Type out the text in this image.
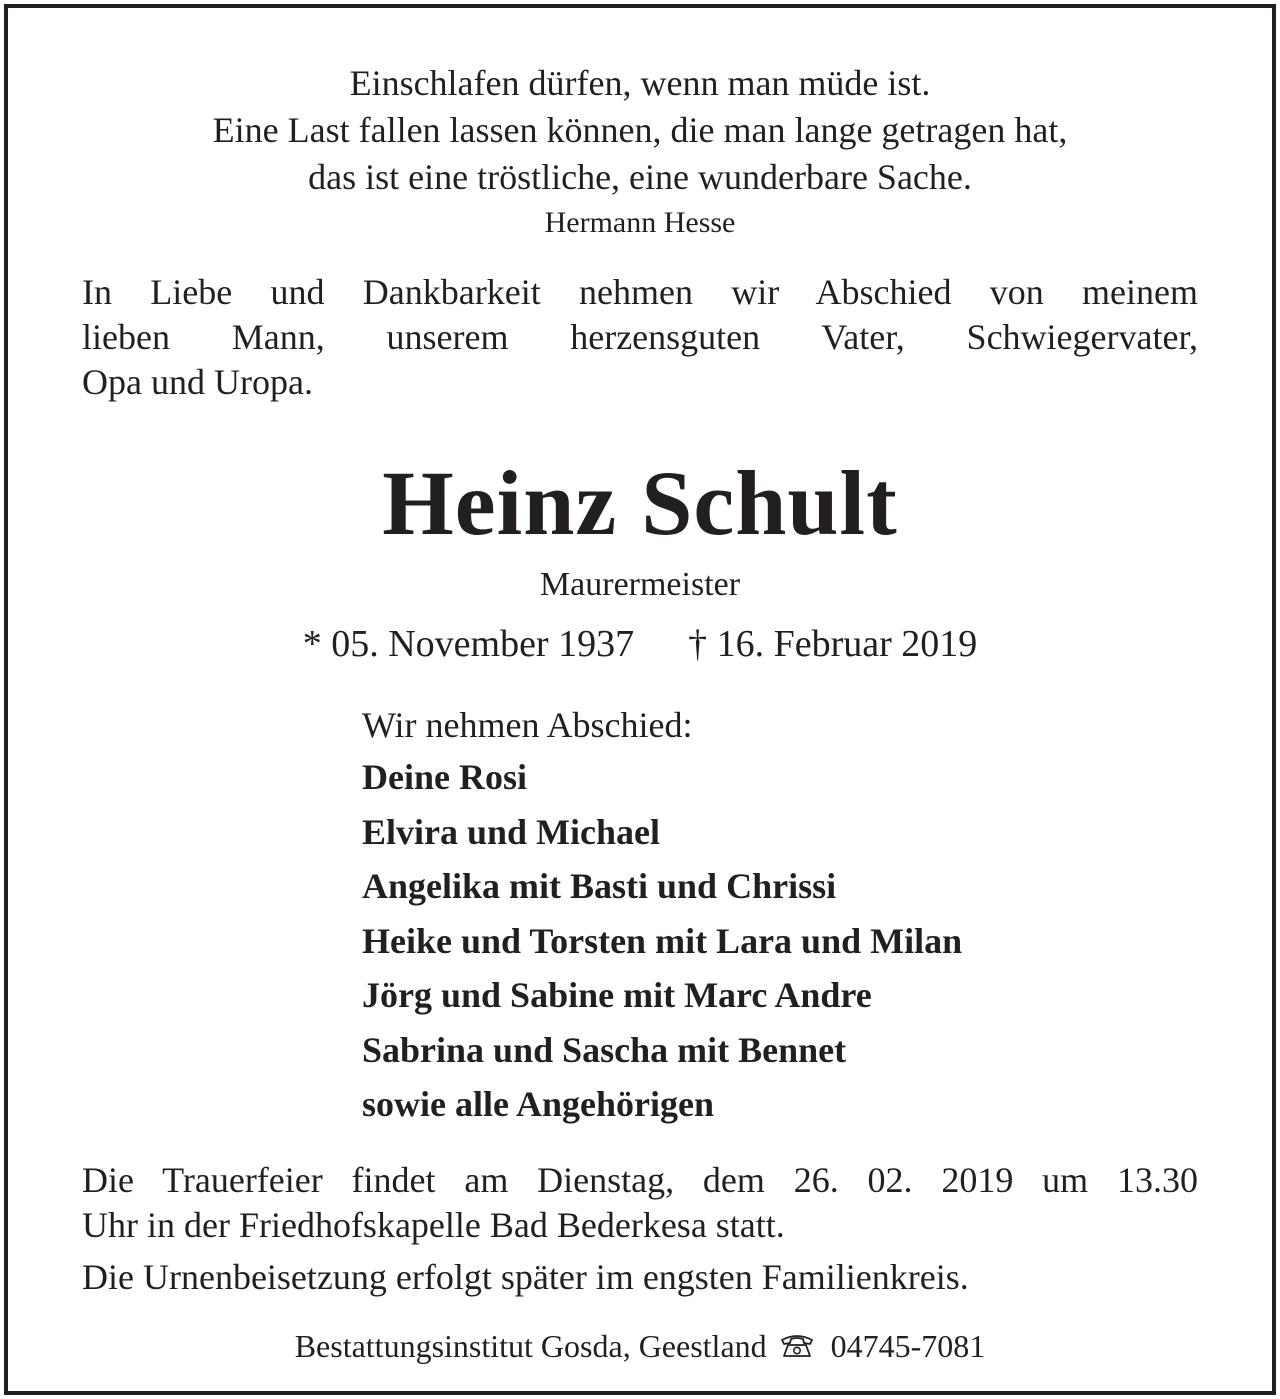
Einschlafen dürfen, wenn man müde ist.
Eine Last fallen lassen können, die man lange getragen hat,
das ist eine tröstliche, eine wunderbare Sache.
Hermann Hesse
In Liebe und Dankbarkeit nehmen wir Abschied von meinem
lieben Mann, unserem herzensguten Vater, Schwiegervater,
Opa und Uropa.
Heinz Schult
Maurermeister
* 05. November 1937 † 16. Februar 2019
Wir nehmen Abschied:
Deine Rosi
Elvira und Michael
Angelika mit Basti und Chrissi
Heike und Torsten mit Lara und Milan
Jörg und Sabine mit Marc Andre
Sabrina und Sascha mit Bennet
sowie alle Angehörigen
Die Trauerfeier findet am Dienstag, dem 26. 02. 2019 um 13.30
Uhr in der Friedhofskapelle Bad Bederkesa statt.
Die Urnenbeisetzung erfolgt später im engsten Familienkreis.
Bestattungsinstitut Gosda, Geestland 04745-7081
